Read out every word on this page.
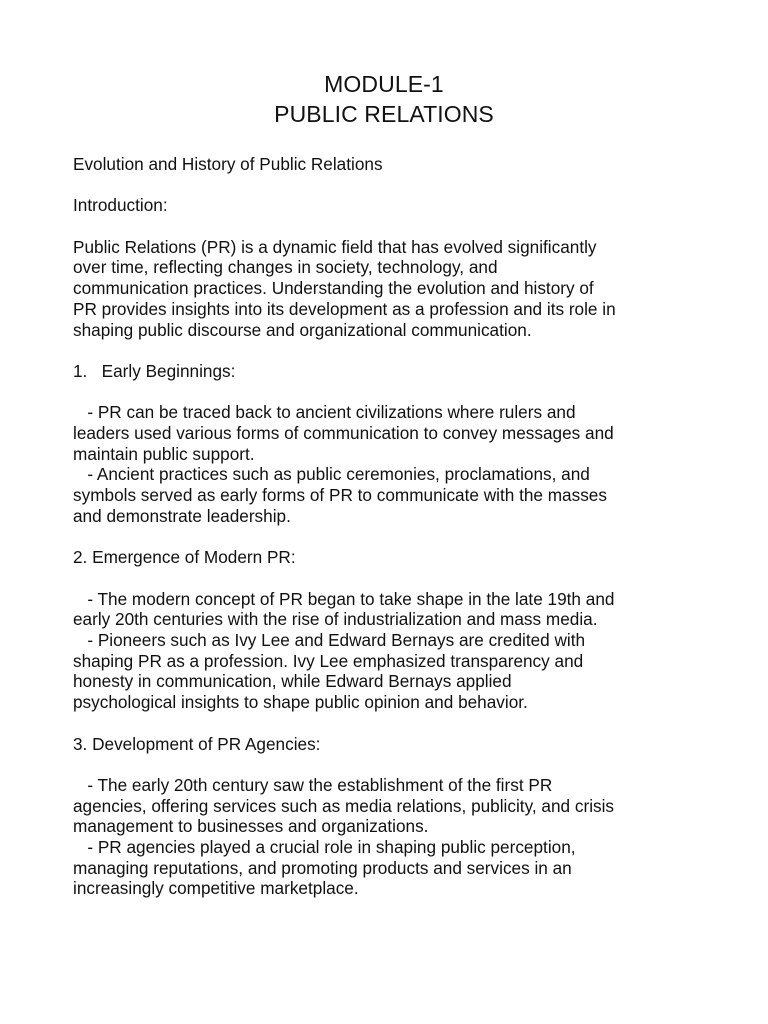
MODULE-1
PUBLIC RELATIONS

Evolution and History of Public Relations

Introduction:

Public Relations (PR) is a dynamic field that has evolved significantly

over time, reflecting changes in society, technology, and

communication practices. Understanding the evolution and history of

PR provides insights into its development as a profession and its role in

shaping public discourse and organizational communication.

1.   Early Beginnings:

- PR can be traced back to ancient civilizations where rulers and

leaders used various forms of communication to convey messages and

maintain public support.

- Ancient practices such as public ceremonies, proclamations, and

symbols served as early forms of PR to communicate with the masses

and demonstrate leadership.

2. Emergence of Modern PR:

- The modern concept of PR began to take shape in the late 19th and

early 20th centuries with the rise of industrialization and mass media.

- Pioneers such as Ivy Lee and Edward Bernays are credited with

shaping PR as a profession. Ivy Lee emphasized transparency and

honesty in communication, while Edward Bernays applied

psychological insights to shape public opinion and behavior.

3. Development of PR Agencies:

- The early 20th century saw the establishment of the first PR

agencies, offering services such as media relations, publicity, and crisis

management to businesses and organizations.

- PR agencies played a crucial role in shaping public perception,

managing reputations, and promoting products and services in an

increasingly competitive marketplace.
